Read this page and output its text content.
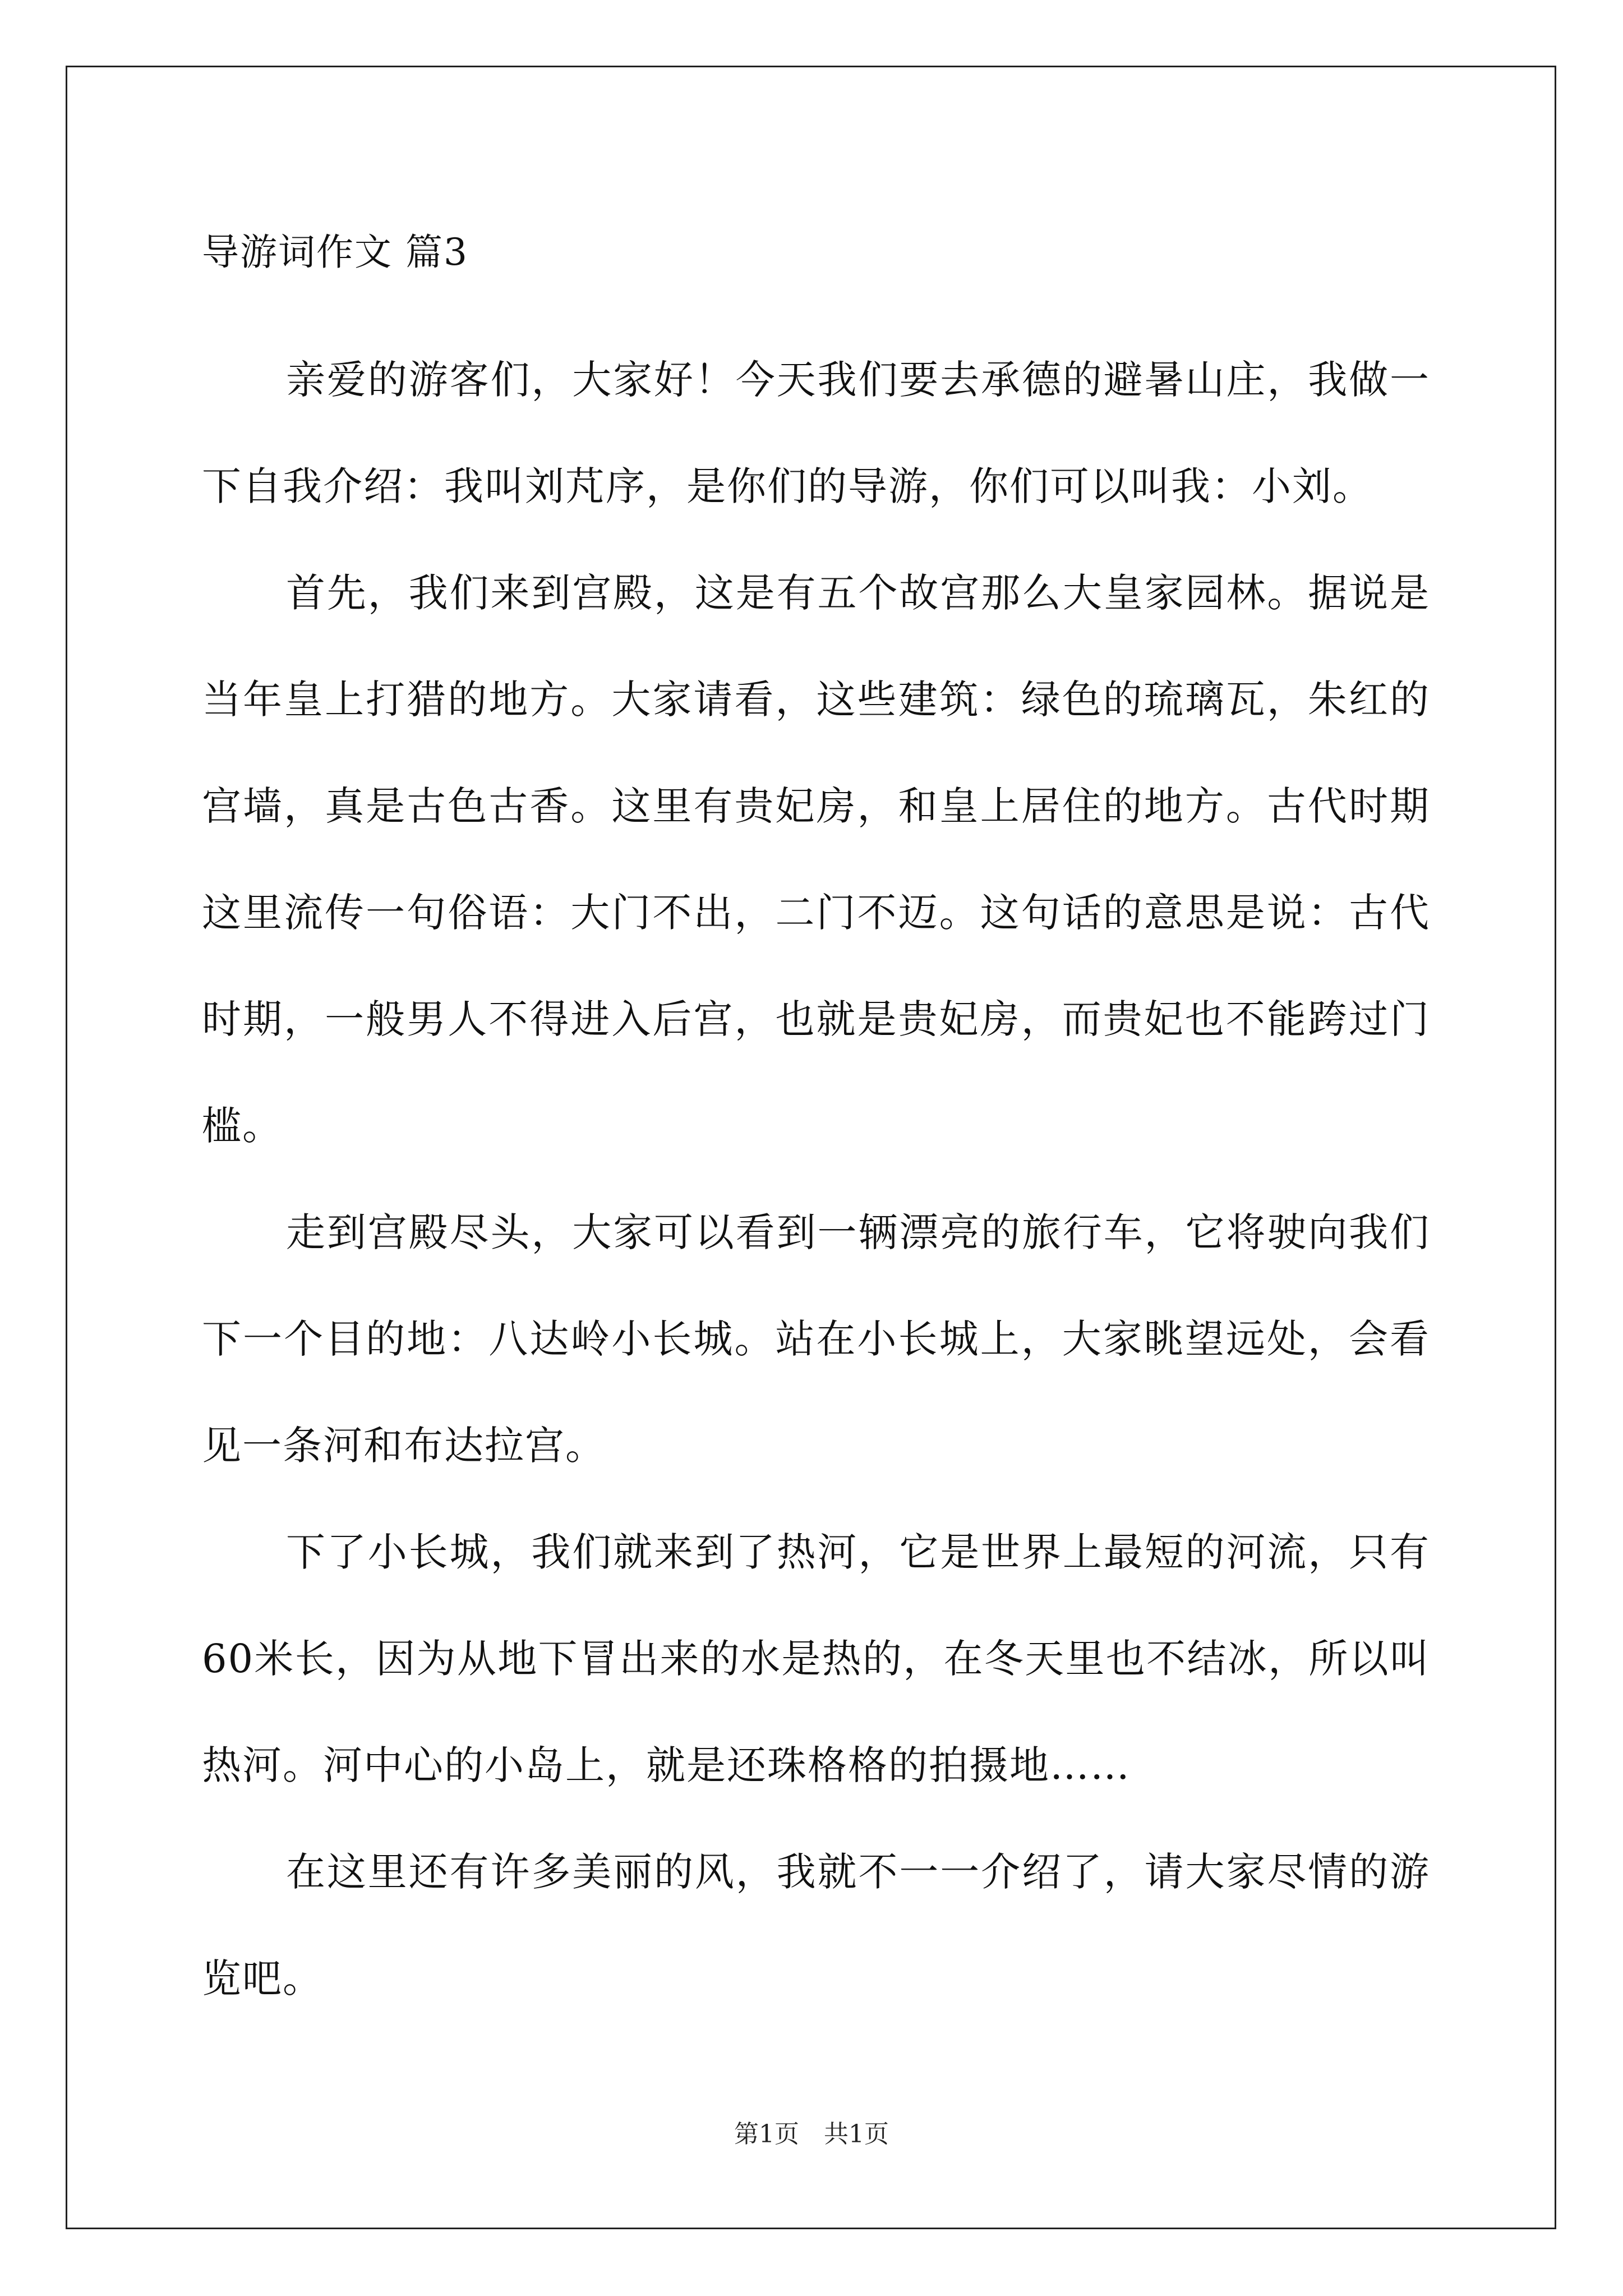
导游词作文 篇3

亲爱的游客们，大家好！今天我们要去承德的避暑山庄，我做一下自我介绍：我叫刘芃序，是你们的导游，你们可以叫我：小刘。

首先，我们来到宫殿，这是有五个故宫那么大皇家园林。据说是当年皇上打猎的地方。大家请看，这些建筑：绿色的琉璃瓦，朱红的宫墙，真是古色古香。这里有贵妃房，和皇上居住的地方。古代时期这里流传一句俗语：大门不出，二门不迈。这句话的意思是说：古代时期，一般男人不得进入后宫，也就是贵妃房，而贵妃也不能跨过门槛。

走到宫殿尽头，大家可以看到一辆漂亮的旅行车，它将驶向我们下一个目的地：八达岭小长城。站在小长城上，大家眺望远处，会看见一条河和布达拉宫。

下了小长城，我们就来到了热河，它是世界上最短的河流，只有60米长，因为从地下冒出来的水是热的，在冬天里也不结冰，所以叫热河。河中心的小岛上，就是还珠格格的拍摄地……

在这里还有许多美丽的风，我就不一一介绍了，请大家尽情的游览吧。

第1页　共1页
